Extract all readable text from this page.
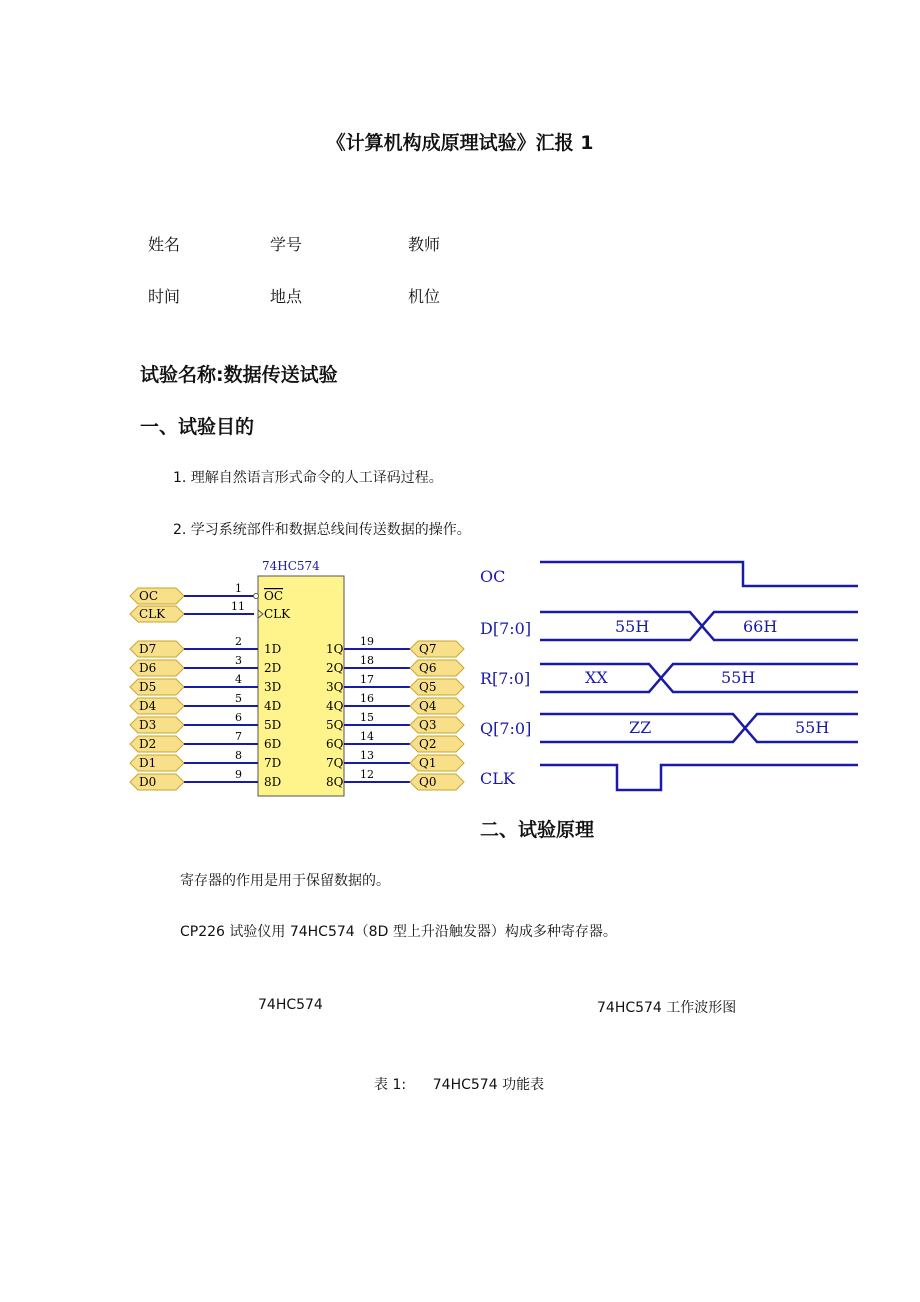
《计算机构成原理试验》汇报 1
姓名	学号	教师
时间	地点	机位
试验名称:数据传送试验
一、试验目的
1. 理解自然语言形式命令的人工译码过程。
2. 学习系统部件和数据总线间传送数据的操作。
74HC574
OC
1
OC
CLK
11
CLK
D7
D6
D5
D4
D3
D2
D1
D0
2
3
4
5
6
7
8
9
1D
2D
3D
4D
5D
6D
7D
8D
1Q
2Q
3Q
4Q
5Q
6Q
7Q
8Q
19
18
17
16
15
14
13
12
Q7
Q6
Q5
Q4
Q3
Q2
Q1
Q0
OC
D[7:0]
R[7:0]
Q[7:0]
CLK
55H	66H
XX	55H
ZZ	55H
二、试验原理
寄存器的作用是用于保留数据的。
CP226 试验仪用 74HC574（8D 型上升沿触发器）构成多种寄存器。
74HC574	74HC574 工作波形图
表 1:      74HC574 功能表
